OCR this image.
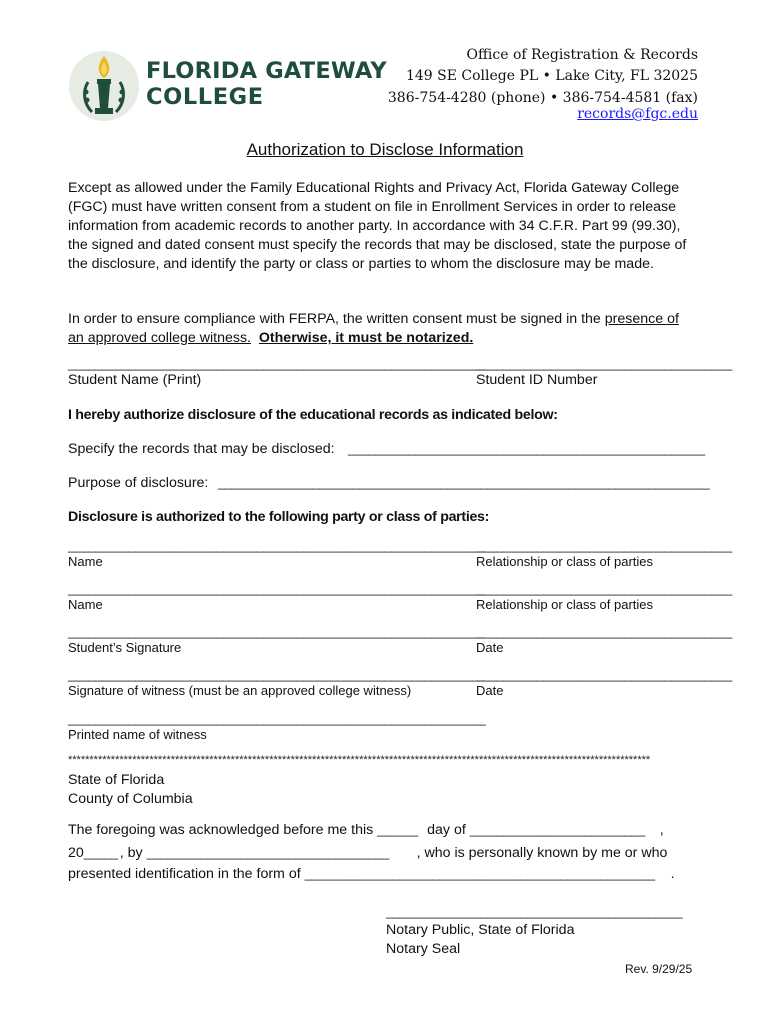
FLORIDA GATEWAY
COLLEGE
Office of Registration & Records
149 SE College PL • Lake City, FL 32025
386-754-4280 (phone) • 386-754-4581 (fax)
records@fgc.edu
Authorization to Disclose Information

Except as allowed under the Family Educational Rights and Privacy Act, Florida Gateway College (FGC) must have written consent from a student on file in Enrollment Services in order to release information from academic records to another party. In accordance with 34 C.F.R. Part 99 (99.30), the signed and dated consent must specify the records that may be disclosed, state the purpose of the disclosure, and identify the party or class or parties to whom the disclosure may be made.

In order to ensure compliance with FERPA, the written consent must be signed in the presence of an approved college witness. Otherwise, it must be notarized.
______________________________________________________________
______________________________________
Student Name (Print)	Student ID Number
I hereby authorize disclosure of the educational records as indicated below:
Specify the records that may be disclosed: _____________________________________________________
Purpose of disclosure: _________________________________________________________________________
Disclosure is authorized to the following party or class of parties:
______________________________________________________________
______________________________________
Name	Relationship or class of parties
______________________________________________________________
______________________________________
Name	Relationship or class of parties
______________________________________________________________
______________________________________
Student’s Signature	Date
______________________________________________________________
______________________________________
Signature of witness (must be an approved college witness)	Date
______________________________________________________________
Printed name of witness
****************************************************************************************************************************************
State of Florida
County of Columbia
The foregoing was acknowledged before me this ______ day of __________________________ ,
20_____ , by ____________________________________ , who is personally known by me or who
presented identification in the form of ____________________________________________________ .
____________________________________________
Notary Public, State of Florida
Notary Seal
Rev. 9/29/25
